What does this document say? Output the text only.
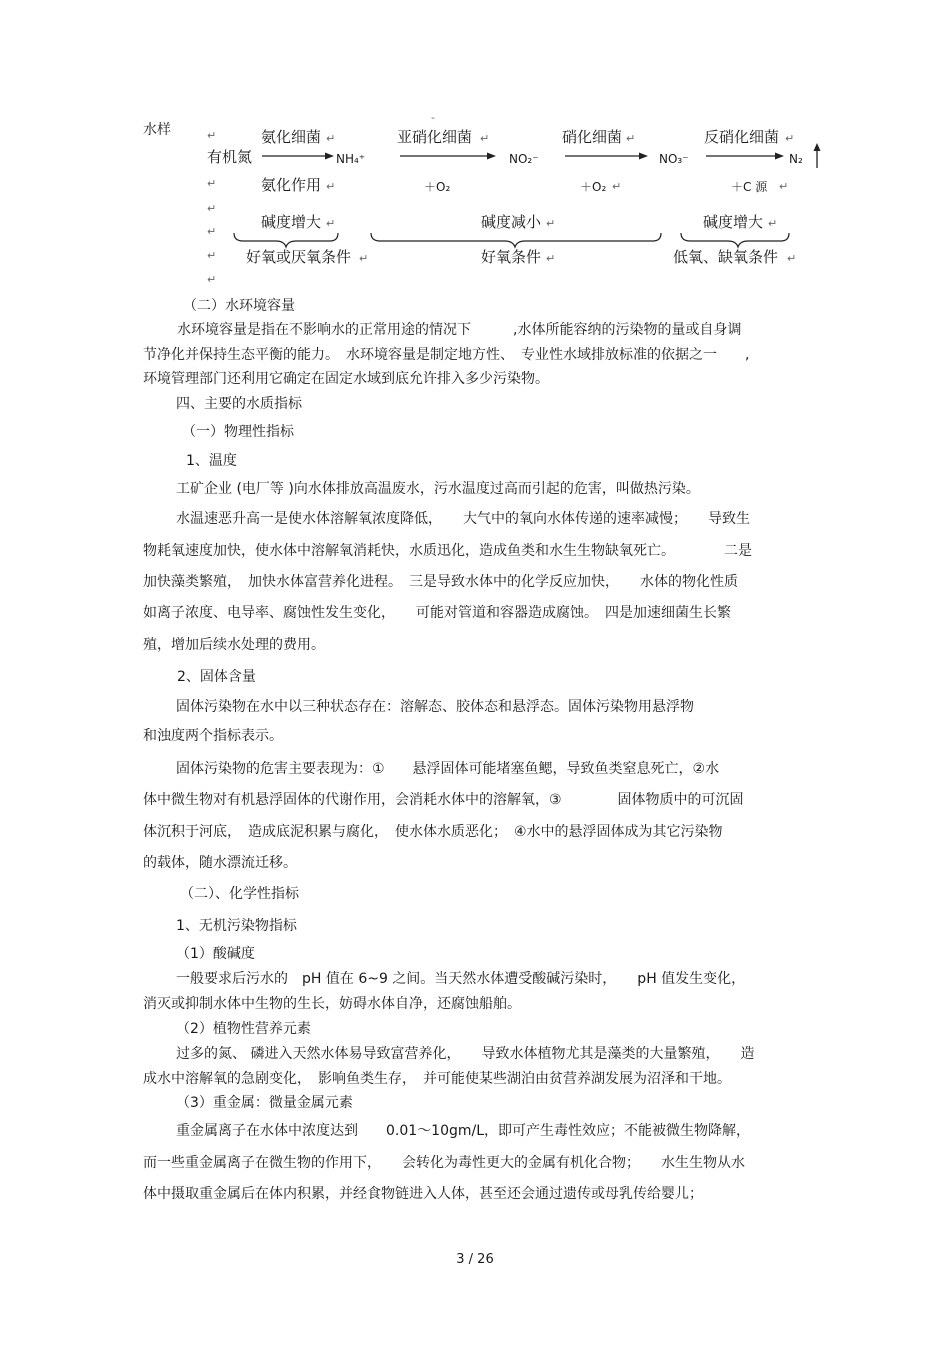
-
水样	↵
↵
↵
↵
↵
↵
氨化细菌 ↵	亚硝化细菌 ↵	硝化细菌 ↵	反硝化细菌 ↵
有机氮	NH₄⁺	NO₂⁻	NO₃⁻	N₂
氨化作用 ↵	＋O₂	＋O₂ ↵	＋C 源 ↵
碱度增大 ↵	碱度减小 ↵	碱度增大 ↵
好氧或厌氧条件 ↵	好氧条件 ↵	低氧、缺氧条件 ↵
（二）水环境容量
水环境容量是指在不影响水的正常用途的情况下　　　,水体所能容纳的污染物的量或自身调
节净化并保持生态平衡的能力。　水环境容量是制定地方性、　专业性水域排放标准的依据之一　　,
环境管理部门还利用它确定在固定水域到底允许排入多少污染物。
四、主要的水质指标
（一）物理性指标
1、温度
工矿企业 (电厂等 )向水体排放高温废水，污水温度过高而引起的危害，叫做热污染。
水温速恶升高一是使水体溶解氧浓度降低，　　大气中的氧向水体传递的速率减慢；　　导致生
物耗氧速度加快，使水体中溶解氧消耗快，水质迅化，造成鱼类和水生生物缺氧死亡。　　　　二是
加快藻类繁殖，　加快水体富营养化进程。　三是导致水体中的化学反应加快，　　水体的物化性质
如离子浓度、电导率、腐蚀性发生变化，　　可能对管道和容器造成腐蚀。　四是加速细菌生长繁
殖，增加后续水处理的费用。
2、固体含量
固体污染物在水中以三种状态存在：溶解态、胶体态和悬浮态。固体污染物用悬浮物
和浊度两个指标表示。
固体污染物的危害主要表现为：①　　悬浮固体可能堵塞鱼鳃，导致鱼类窒息死亡，②水
体中微生物对有机悬浮固体的代谢作用，会消耗水体中的溶解氧，③　　　　固体物质中的可沉固
体沉积于河底，　造成底泥积累与腐化，　使水体水质恶化；　④水中的悬浮固体成为其它污染物
的载体，随水漂流迁移。
（二）、化学性指标
1、无机污染物指标
（1）酸碱度
一般要求后污水的　pH 值在 6~9 之间。当天然水体遭受酸碱污染时，　　pH 值发生变化，
消灭或抑制水体中生物的生长，妨碍水体自净，还腐蚀船舶。
（2）植物性营养元素
过多的氮、 磷进入天然水体易导致富营养化，　　导致水体植物尤其是藻类的大量繁殖，　　造
成水中溶解氧的急剧变化，　影响鱼类生存，　并可能使某些湖泊由贫营养湖发展为沼泽和干地。
（3）重金属：微量金属元素
重金属离子在水体中浓度达到　　0.01～10gm/L，即可产生毒性效应；不能被微生物降解，
而一些重金属离子在微生物的作用下，　　会转化为毒性更大的金属有机化合物；　　水生生物从水
体中摄取重金属后在体内积累，并经食物链进入人体，甚至还会通过遗传或母乳传给婴儿；
3 / 26
